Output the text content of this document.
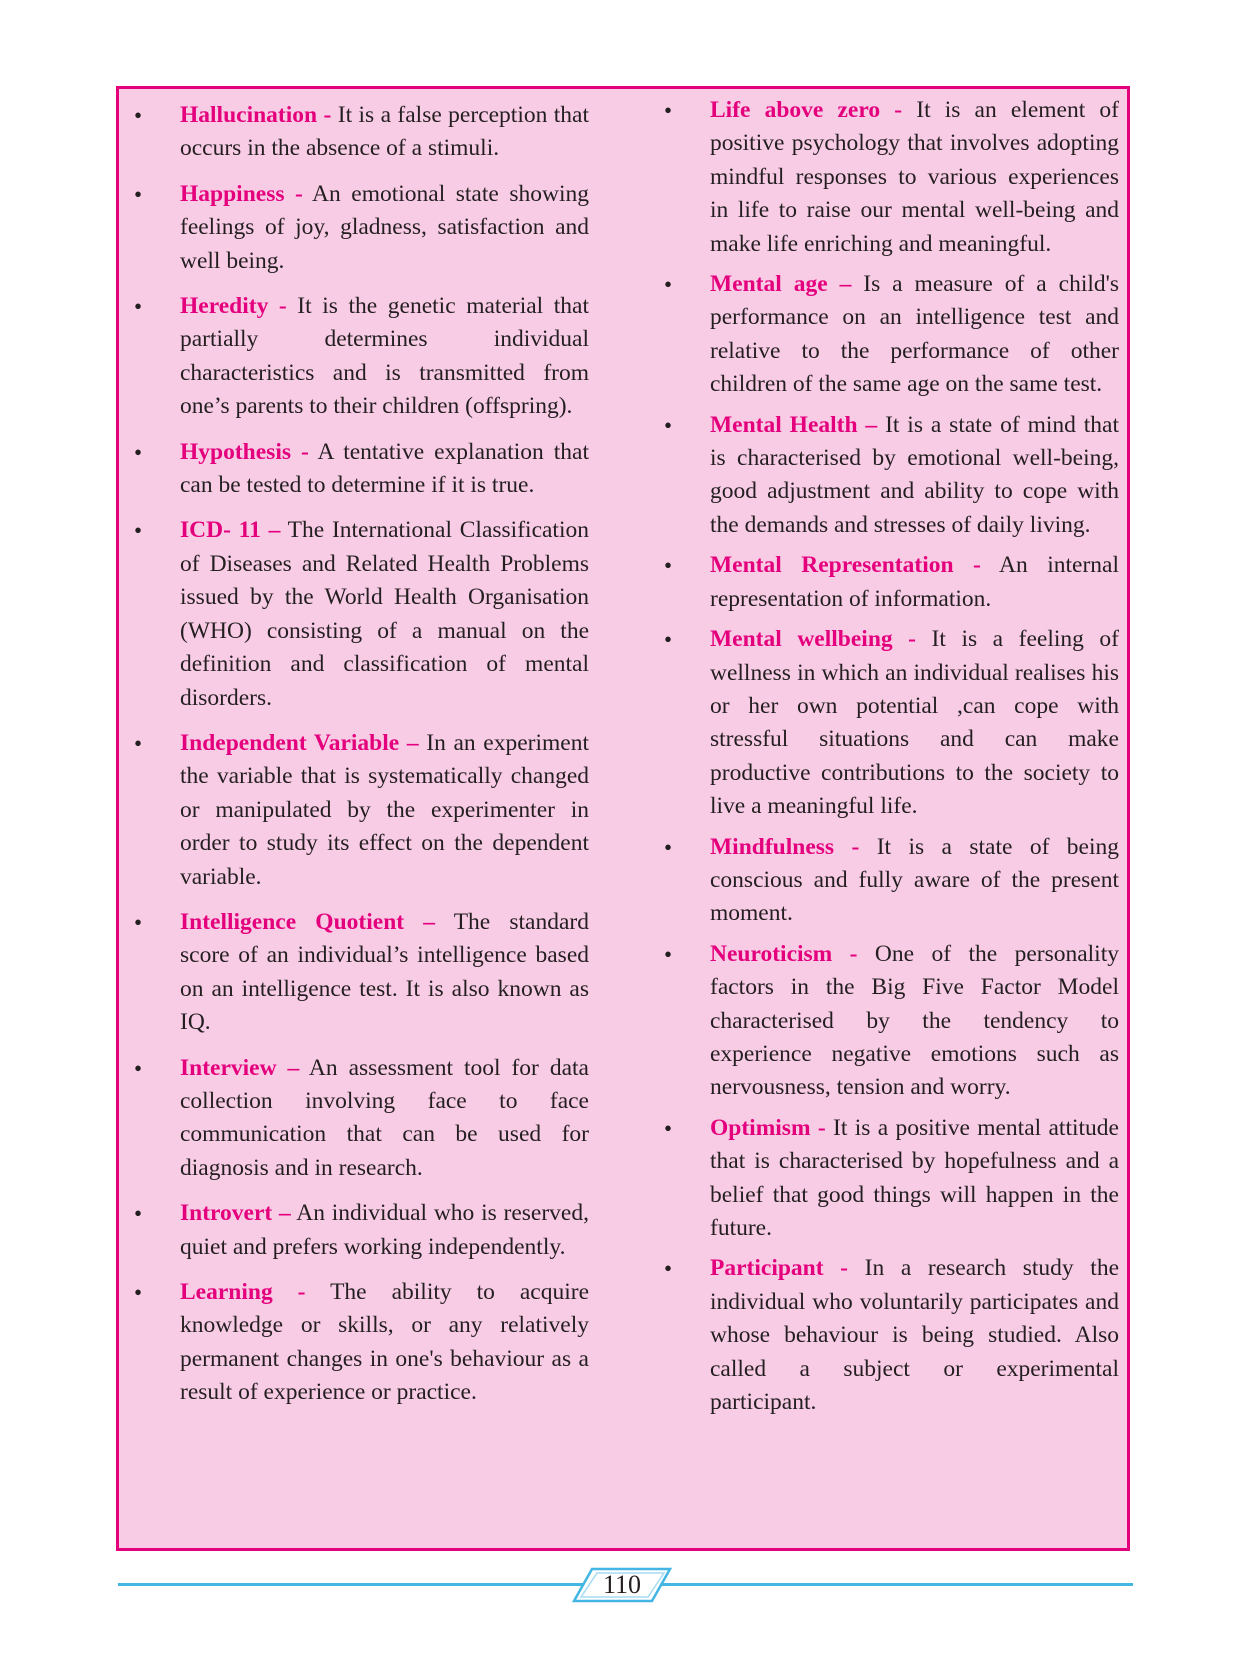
• Hallucination - It is a false perception that occurs in the absence of a stimuli.
• Happiness - An emotional state showing feelings of joy, gladness, satisfaction and well being.
• Heredity - It is the genetic material that partially determines individual characteristics and is transmitted from one’s parents to their children (offspring).
• Hypothesis - A tentative explanation that can be tested to determine if it is true.
• ICD- 11 – The International Classification of Diseases and Related Health Problems issued by the World Health Organisation (WHO) consisting of a manual on the definition and classification of mental disorders.
• Independent Variable – In an experiment the variable that is systematically changed or manipulated by the experimenter in order to study its effect on the dependent variable.
• Intelligence Quotient – The standard score of an individual’s intelligence based on an intelligence test. It is also known as IQ.
• Interview – An assessment tool for data collection involving face to face communication that can be used for diagnosis and in research.
• Introvert – An individual who is reserved, quiet and prefers working independently.
• Learning - The ability to acquire knowledge or skills, or any relatively permanent changes in one's behaviour as a result of experience or practice.
• Life above zero - It is an element of positive psychology that involves adopting mindful responses to various experiences in life to raise our mental well-being and make life enriching and meaningful.
• Mental age – Is a measure of a child's performance on an intelligence test and relative to the performance of other children of the same age on the same test.
• Mental Health – It is a state of mind that is characterised by emotional well-being, good adjustment and ability to cope with the demands and stresses of daily living.
• Mental Representation - An internal representation of information.
• Mental wellbeing - It is a feeling of wellness in which an individual realises his or her own potential ,can cope with stressful situations and can make productive contributions to the society to live a meaningful life.
• Mindfulness - It is a state of being conscious and fully aware of the present moment.
• Neuroticism - One of the personality factors in the Big Five Factor Model characterised by the tendency to experience negative emotions such as nervousness, tension and worry.
• Optimism - It is a positive mental attitude that is characterised by hopefulness and a belief that good things will happen in the future.
• Participant - In a research study the individual who voluntarily participates and whose behaviour is being studied. Also called a subject or experimental participant.
110
